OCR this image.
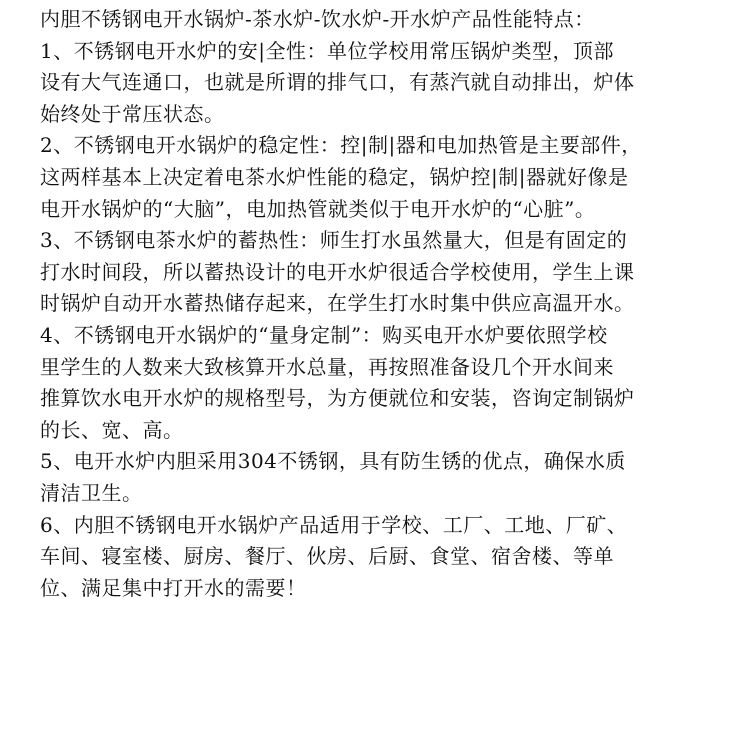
内胆不锈钢电开水锅炉-茶水炉-饮水炉-开水炉产品性能特点：
1、不锈钢电开水炉的安|全性：单位学校用常压锅炉类型，顶部
设有大气连通口，也就是所谓的排气口，有蒸汽就自动排出，炉体
始终处于常压状态。
2、不锈钢电开水锅炉的稳定性：控|制|器和电加热管是主要部件，
这两样基本上决定着电茶水炉性能的稳定，锅炉控|制|器就好像是
电开水锅炉的“大脑”，电加热管就类似于电开水炉的“心脏”。
3、不锈钢电茶水炉的蓄热性：师生打水虽然量大，但是有固定的
打水时间段，所以蓄热设计的电开水炉很适合学校使用，学生上课
时锅炉自动开水蓄热储存起来，在学生打水时集中供应高温开水。
4、不锈钢电开水锅炉的“量身定制”：购买电开水炉要依照学校
里学生的人数来大致核算开水总量，再按照准备设几个开水间来
推算饮水电开水炉的规格型号，为方便就位和安装，咨询定制锅炉
的长、宽、高。
5、电开水炉内胆采用304不锈钢，具有防生锈的优点，确保水质
清洁卫生。
6、内胆不锈钢电开水锅炉产品适用于学校、工厂、工地、厂矿、
车间、寝室楼、厨房、餐厅、伙房、后厨、食堂、宿舍楼、等单
位、满足集中打开水的需要！
